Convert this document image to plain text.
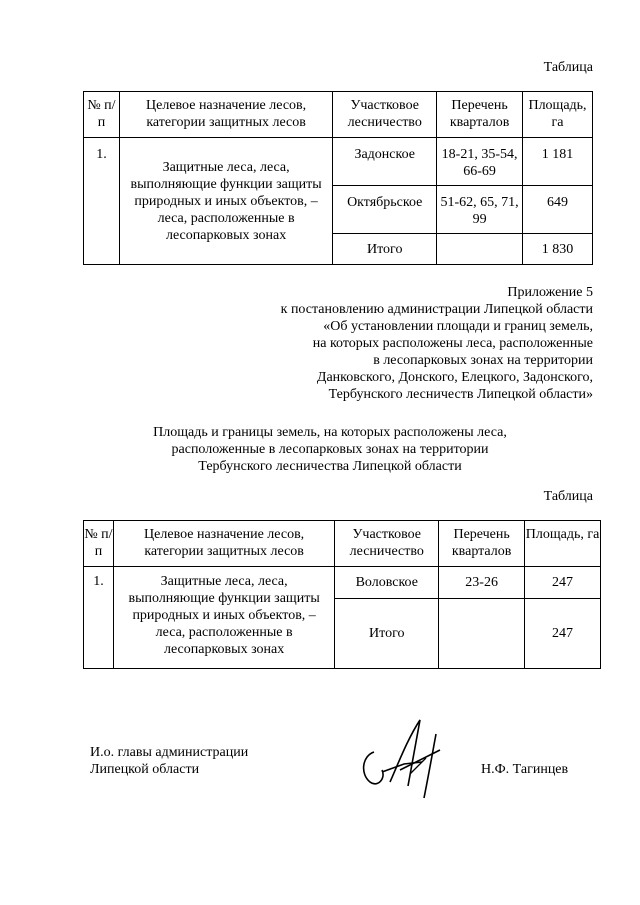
Таблица
№ п/п	Целевое назначение лесов, категории защитных лесов	Участковое лесничество	Перечень кварталов	Площадь, га
1.	Защитные леса, леса, выполняющие функции защиты природных и иных объектов, – леса, расположенные в лесопарковых зонах	Задонское	18-21, 35-54, 66-69	1 181
		Октябрьское	51-62, 65, 71, 99	649
		Итого		1 830
Приложение 5
к постановлению администрации Липецкой области
«Об установлении площади и границ земель,
на которых расположены леса, расположенные
в лесопарковых зонах на территории
Данковского, Донского, Елецкого, Задонского,
Тербунского лесничеств Липецкой области»
Площадь и границы земель, на которых расположены леса,
расположенные в лесопарковых зонах на территории
Тербунского лесничества Липецкой области
Таблица
№ п/п	Целевое назначение лесов, категории защитных лесов	Участковое лесничество	Перечень кварталов	Площадь, га
1.	Защитные леса, леса, выполняющие функции защиты природных и иных объектов, – леса, расположенные в лесопарковых зонах	Воловское	23-26	247
		Итого		247
И.о. главы администрации
Липецкой области	Н.Ф. Тагинцев
